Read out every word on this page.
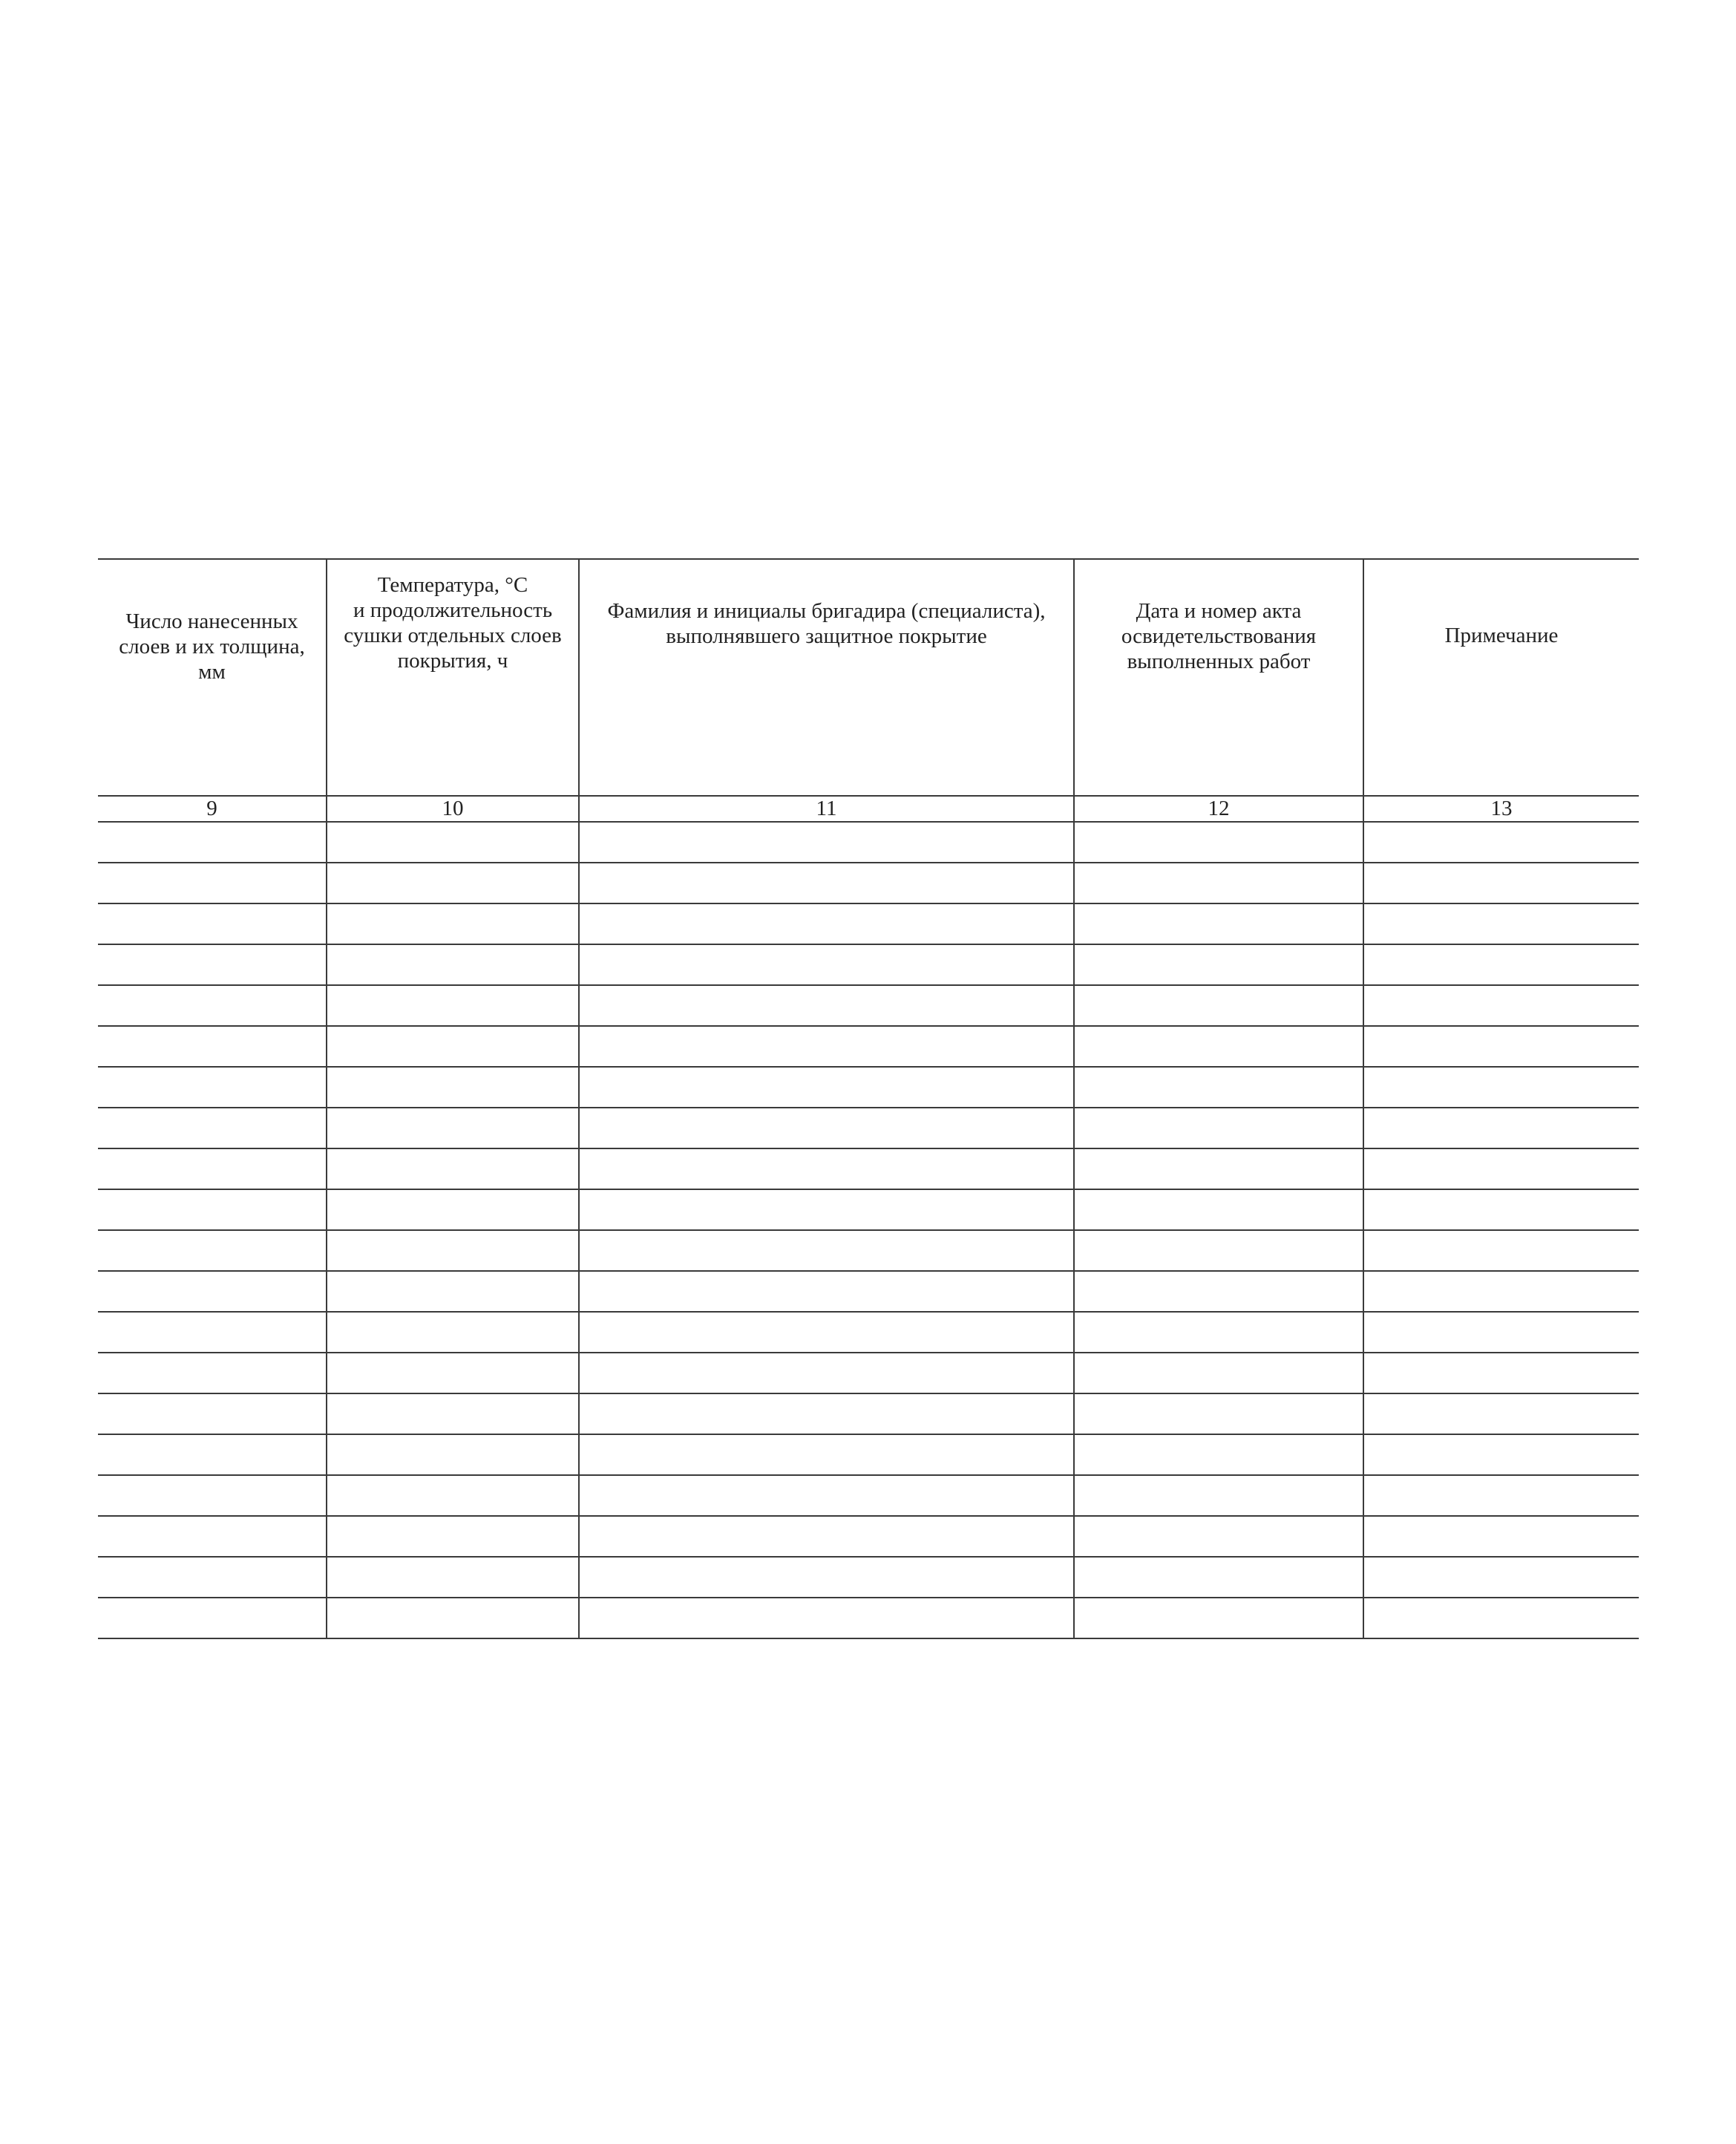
Число нанесенных
слоев и их толщина,
мм	Температура, °С
и продолжительность
сушки отдельных слоев
покрытия, ч	Фамилия и инициалы бригадира (специалиста),
выполнявшего защитное покрытие	Дата и номер акта
освидетельствования
выполненных работ	Примечание
9	10	11	12	13
